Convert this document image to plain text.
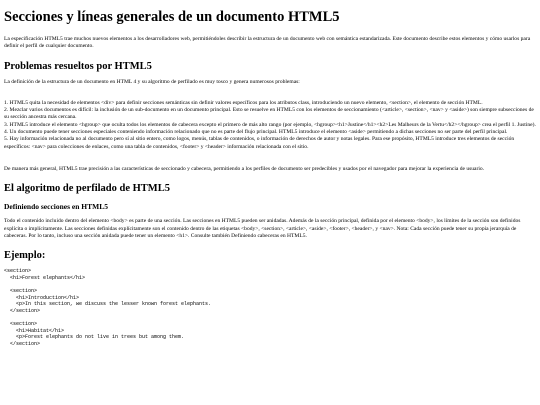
Secciones y líneas generales de un documento HTML5

La especificación HTML5 trae muchos nuevos elementos a los desarrolladores web, permitiéndoles describir la estructura de un documento web con semántica estandarizada. Este documento describe estos elementos y cómo usarlos para definir el perfil de cualquier documento.

Problemas resueltos por HTML5

La definición de la estructura de un documento en HTML 4 y su algoritmo de perfilado es muy tosco y genera numerosos problemas:

1. HTML5 quita la necesidad de elementos <div> para definir secciones semánticas sin definir valores específicos para los atributos class, introduciendo un nuevo elemento, <section>, el elemento de sección HTML.

2. Mezclar varios documentos es difícil: la inclusión de un sub-documento en un documento principal. Esto se resuelve en HTML5 con los elementos de seccionamiento (<article>, <section>, <nav> y <aside>) son siempre subsecciones de su sección ancestra más cercana.

3. HTML5 introduce el elemento <hgroup> que oculta todos los elementos de cabecera excepto el primero de más alto rango (por ejemplo, <hgroup><h1>Justine</h1><h2>Les Malheurs de la Vertu</h2></hgroup> crea el perfil 1. Justine).

4. Un documento puede tener secciones especiales conteniendo información relacionado que no es parte del flujo principal. HTML5 introduce el elemento <aside> permitiendo a dichas secciones no ser parte del perfil principal.

5. Hay información relacionada no al documento pero sí al sitio entero, como logos, menús, tablas de contenidos, o información de derechos de autor y notas legales. Para ese propósito, HTML5 introduce tres elementos de sección específicos: <nav> para colecciones de enlaces, como una tabla de contenidos, <footer> y <header> información relacionada con el sitio.

De manera más general, HTML5 trae precisión a las características de seccionado y cabecera, permitiendo a los perfiles de documento ser predecibles y usados por el navegador para mejorar la experiencia de usuario.

El algoritmo de perfilado de HTML5
Definiendo secciones en HTML5

Todo el contenido incluido dentro del elemento <body> es parte de una sección. Las secciones en HTML5 pueden ser anidadas. Además de la sección principal, definida por el elemento <body>, los límites de la sección son definidos explícita o implícitamente. Las secciones definidas explícitamente son el contenido dentro de las etiquetas <body>, <section>, <article>, <aside>, <footer>, <header>, y <nav>. Nota: Cada sección puede tener su propia jerarquía de cabeceras. Por lo tanto, incluso una sección anidada puede tener un elemento <h1>. Consulte también Definiendo cabeceras en HTML5.

Ejemplo:
<section>
<h1>Forest elephants</h1>

<section>
<h1>Introduction</h1>
<p>In this section, we discuss the lesser known forest elephants.
</section>

<section>
<h1>Habitat</h1>
<p>Forest elephants do not live in trees but among them.
</section>
